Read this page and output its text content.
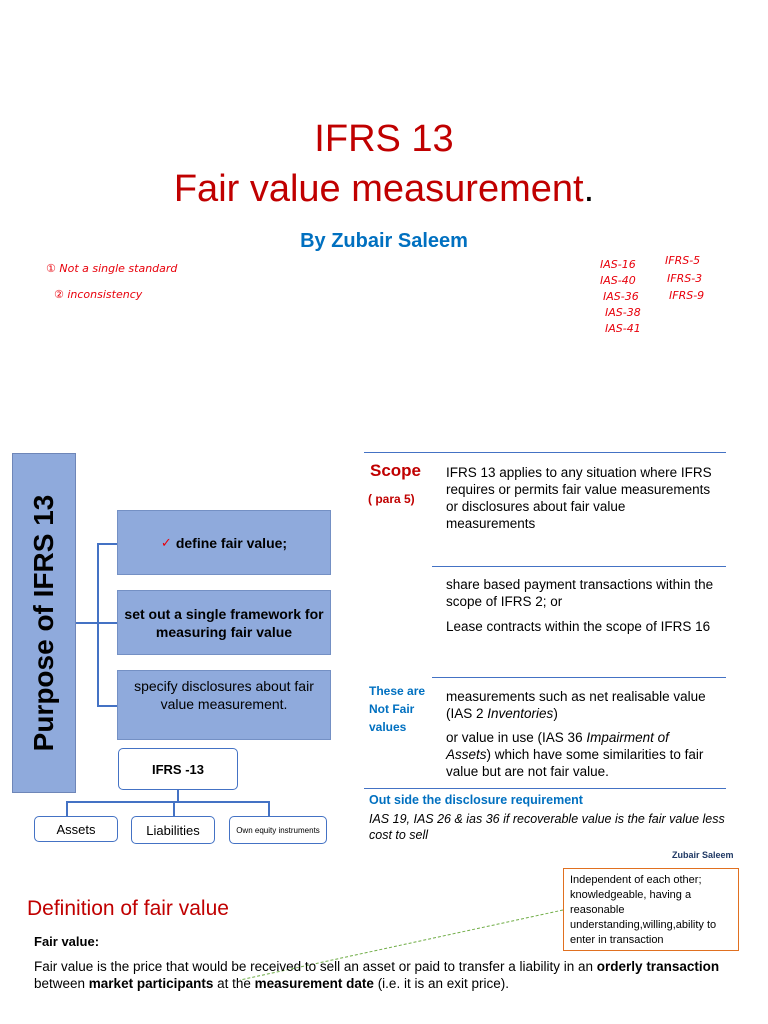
IFRS 13
Fair value measurement.
By Zubair Saleem
① Not a single standard
② inconsistency
IAS-16
IAS-40
IAS-36
IAS-38
IAS-41
IFRS-5
IFRS-3
IFRS-9
Purpose of IFRS 13	✓ define fair value;
set out a single framework for measuring fair value
specify disclosures about fair value measurement.
IFRS -13
Assets	Liabilities	Own equity instruments
Scope
( para 5)
IFRS 13 applies to any situation where IFRS requires or permits fair value measurements or disclosures about fair value measurements
share based payment transactions within the scope of IFRS 2; or
Lease contracts within the scope of IFRS 16
These are Not Fair values
measurements such as net realisable value (IAS 2 Inventories)
or value in use (IAS 36 Impairment of Assets) which have some similarities to fair value but are not fair value.
Out side the disclosure requirement
IAS 19, IAS 26 & ias 36 if recoverable value is the fair value less cost to sell
Zubair Saleem
Independent of each other; knowledgeable, having a reasonable understanding,willing,ability to enter in transaction
Definition of fair value
Fair value:
Fair value is the price that would be received to sell an asset or paid to transfer a liability in an orderly transaction between market participants at the measurement date (i.e. it is an exit price).
